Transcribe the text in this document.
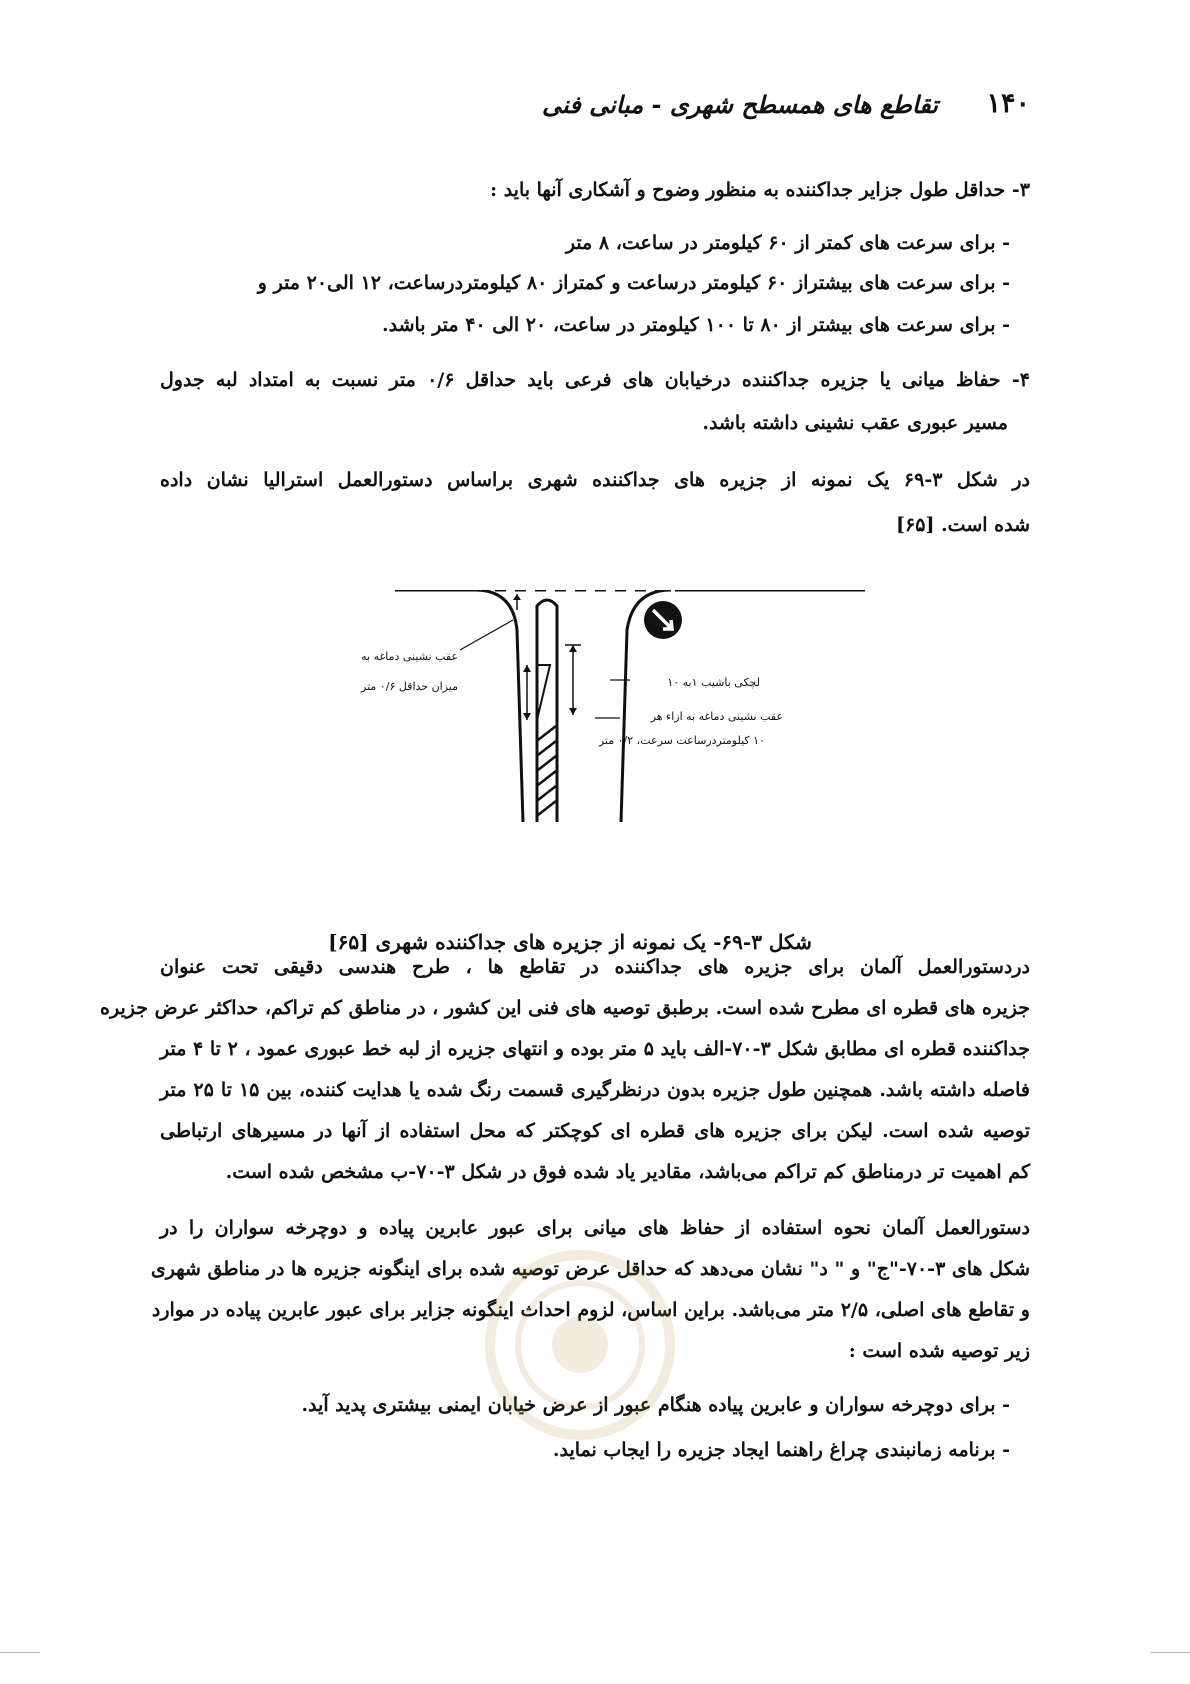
۱۴۰
تقاطع های همسطح شهری - مبانی فنی
۳- حداقل طول جزایر جداکننده به منظور وضوح و آشکاری آنها باید :
- برای سرعت های کمتر از ۶۰ کیلومتر در ساعت، ۸ متر
- برای سرعت های بیشتراز ۶۰ کیلومتر درساعت و کمتراز ۸۰ کیلومتردرساعت، ۱۲ الی۲۰ متر و
- برای سرعت های بیشتر از ۸۰ تا ۱۰۰ کیلومتر در ساعت، ۲۰ الی ۴۰ متر باشد.
۴- حفاظ میانی یا جزیره جداکننده درخیابان های فرعی باید حداقل ۰/۶ متر نسبت به امتداد لبه جدول
مسیر عبوری عقب نشینی داشته باشد.
در شکل ۳-۶۹ یک نمونه از جزیره های جداکننده شهری براساس دستورالعمل استرالیا نشان داده
شده است. [۶۵]
عقب نشینی دماغه به
میزان حداقل ۰/۶ متر	لچکی باشیب ۱به ۱۰
عقب نشینی دماغه به ازاء هر
۱۰ کیلومتردرساعت سرعت، ۰/۲ متر
شکل ۳-۶۹- یک نمونه از جزیره های جداکننده شهری [۶۵]
دردستورالعمل آلمان برای جزیره های جداکننده در تقاطع ها ، طرح هندسی دقیقی تحت عنوان
جزیره های قطره ای مطرح شده است. برطبق توصیه های فنی این کشور ، در مناطق کم تراکم، حداکثر عرض جزیره
جداکننده قطره ای مطابق شکل ۳-۷۰-الف باید ۵ متر بوده و انتهای جزیره از لبه خط عبوری عمود ، ۲ تا ۴ متر
فاصله داشته باشد. همچنین طول جزیره بدون درنظرگیری قسمت رنگ شده یا هدایت کننده، بین ۱۵ تا ۲۵ متر
توصیه شده است. لیکن برای جزیره های قطره ای کوچکتر که محل استفاده از آنها در مسیرهای ارتباطی
کم اهمیت تر درمناطق کم تراکم می‌باشد، مقادیر یاد شده فوق در شکل ۳-۷۰-ب مشخص شده است.
دستورالعمل آلمان نحوه استفاده از حفاظ های میانی برای عبور عابرین پیاده و دوچرخه سواران را در
شکل های ۳-۷۰-"ج" و " د" نشان می‌دهد که حداقل عرض توصیه شده برای اینگونه جزیره ها در مناطق شهری
و تقاطع های اصلی، ۲/۵ متر می‌باشد. براین اساس، لزوم احداث اینگونه جزایر برای عبور عابرین پیاده در موارد
زیر توصیه شده است :
- برای دوچرخه سواران و عابرین پیاده هنگام عبور از عرض خیابان ایمنی بیشتری پدید آید.
- برنامه زمانبندی چراغ راهنما ایجاد جزیره را ایجاب نماید.
